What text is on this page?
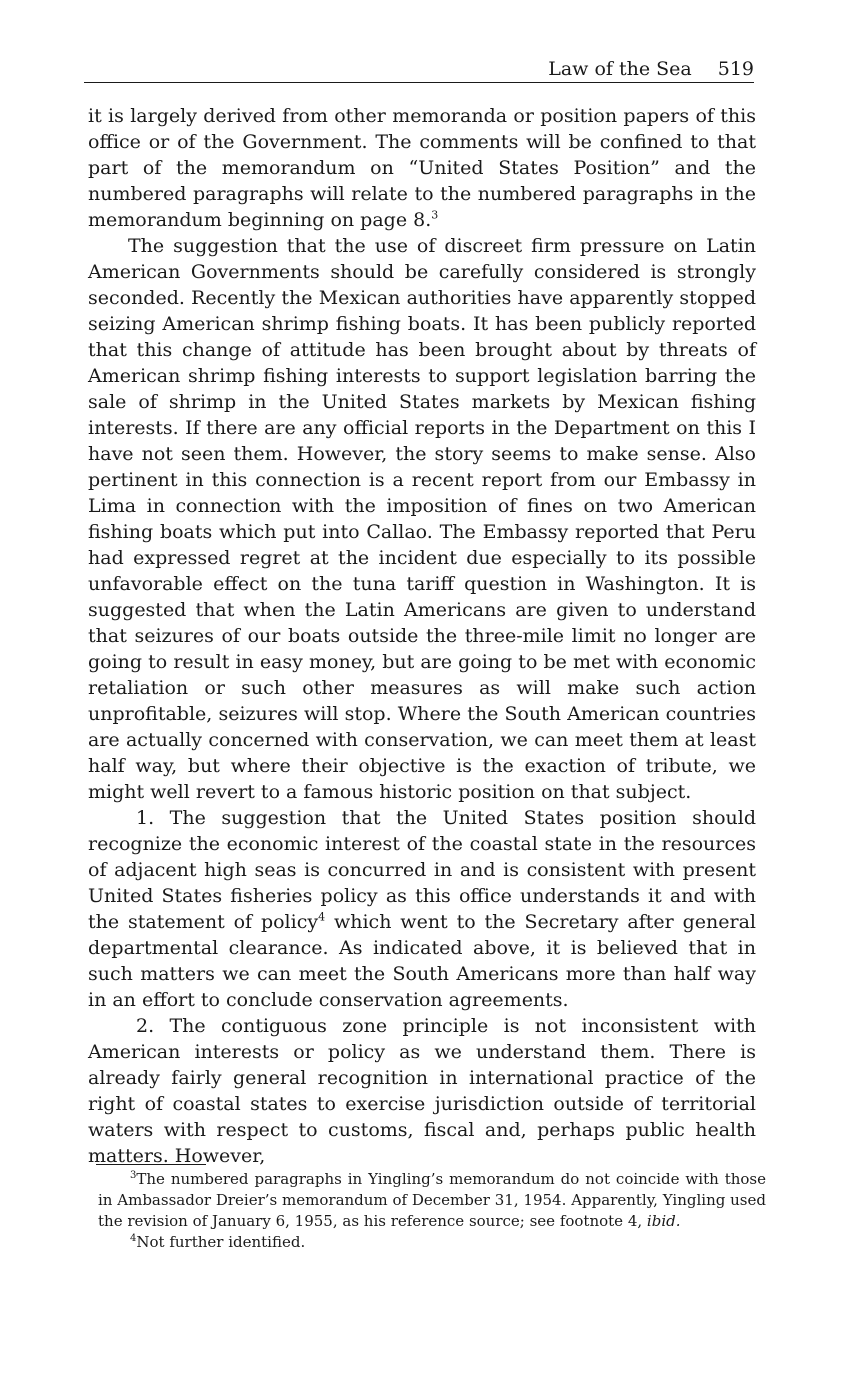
Law of the Sea 519

it is largely derived from other memoranda or position papers of this office or of the Government. The comments will be confined to that part of the memorandum on “United States Position” and the numbered paragraphs will relate to the numbered paragraphs in the memorandum beginning on page 8.$^3$

The suggestion that the use of discreet firm pressure on Latin American Governments should be carefully considered is strongly seconded. Recently the Mexican authorities have apparently stopped seizing American shrimp fishing boats. It has been publicly reported that this change of attitude has been brought about by threats of American shrimp fishing interests to support legislation barring the sale of shrimp in the United States markets by Mexican fishing interests. If there are any official reports in the Department on this I have not seen them. However, the story seems to make sense. Also pertinent in this connection is a recent report from our Embassy in Lima in connection with the imposition of fines on two American fishing boats which put into Callao. The Embassy reported that Peru had expressed regret at the incident due especially to its possible unfavorable effect on the tuna tariff question in Washington. It is suggested that when the Latin Americans are given to understand that seizures of our boats outside the three-mile limit no longer are going to result in easy money, but are going to be met with economic retaliation or such other measures as will make such action unprofitable, seizures will stop. Where the South American countries are actually concerned with conservation, we can meet them at least half way, but where their objective is the exaction of tribute, we might well revert to a famous historic position on that subject.

1. The suggestion that the United States position should recognize the economic interest of the coastal state in the resources of adjacent high seas is concurred in and is consistent with present United States fisheries policy as this office understands it and with the statement of policy$^4$ which went to the Secretary after general departmental clearance. As indicated above, it is believed that in such matters we can meet the South Americans more than half way in an effort to conclude conservation agreements.

2. The contiguous zone principle is not inconsistent with American interests or policy as we understand them. There is already fairly general recognition in international practice of the right of coastal states to exercise jurisdiction outside of territorial waters with respect to customs, fiscal and, perhaps public health matters. However,

$^3$The numbered paragraphs in Yingling’s memorandum do not coincide with those in Ambassador Dreier’s memorandum of December 31, 1954. Apparently, Yingling used the revision of January 6, 1955, as his reference source; see footnote 4, ibid.

$^4$Not further identified.
